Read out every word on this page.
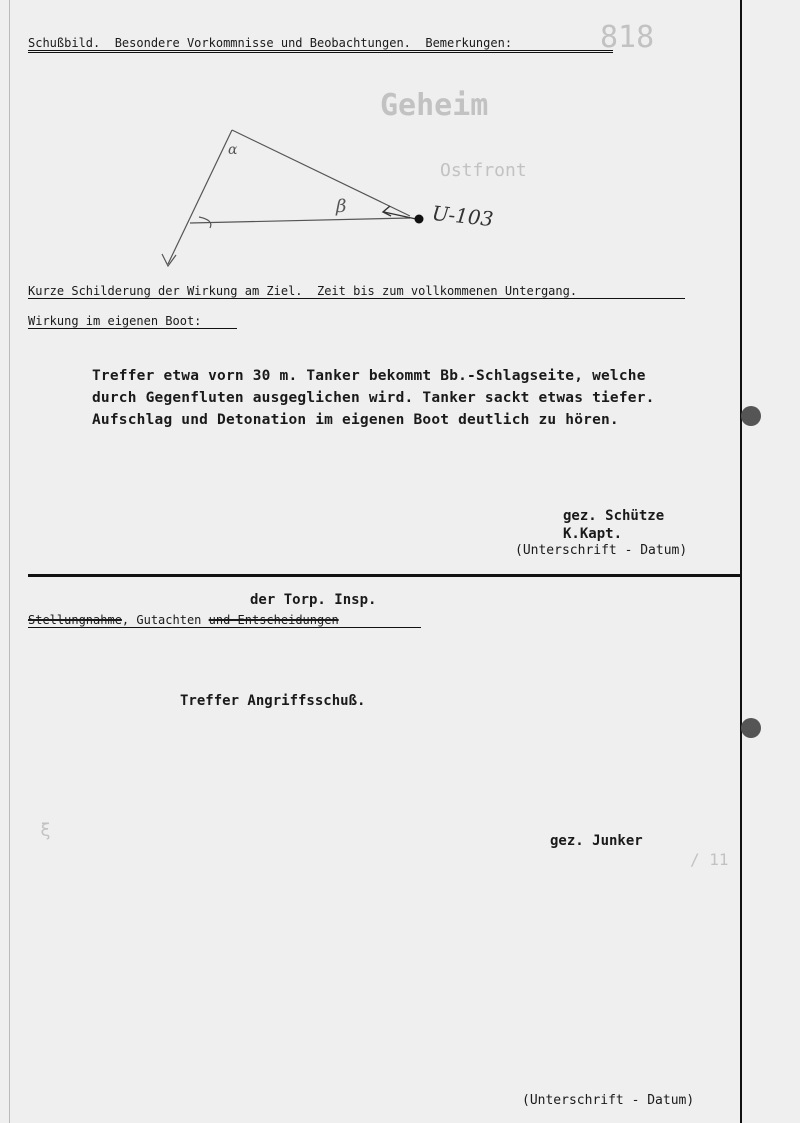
Geheim
818
Ostfront
ξ
/ 11
Schußbild.  Besondere Vorkommnisse und Beobachtungen.  Bemerkungen:
α
β	U-103
Kurze Schilderung der Wirkung am Ziel.  Zeit bis zum vollkommenen Untergang.
Wirkung im eigenen Boot:
Treffer etwa vorn 30 m. Tanker bekommt Bb.-Schlagseite, welche
durch Gegenfluten ausgeglichen wird. Tanker sackt etwas tiefer.
Aufschlag und Detonation im eigenen Boot deutlich zu hören.
gez. Schütze
K.Kapt.
(Unterschrift - Datum)
der Torp. Insp.
Stellungnahme, Gutachten und Entscheidungen
Treffer Angriffsschuß.
gez. Junker
(Unterschrift - Datum)
